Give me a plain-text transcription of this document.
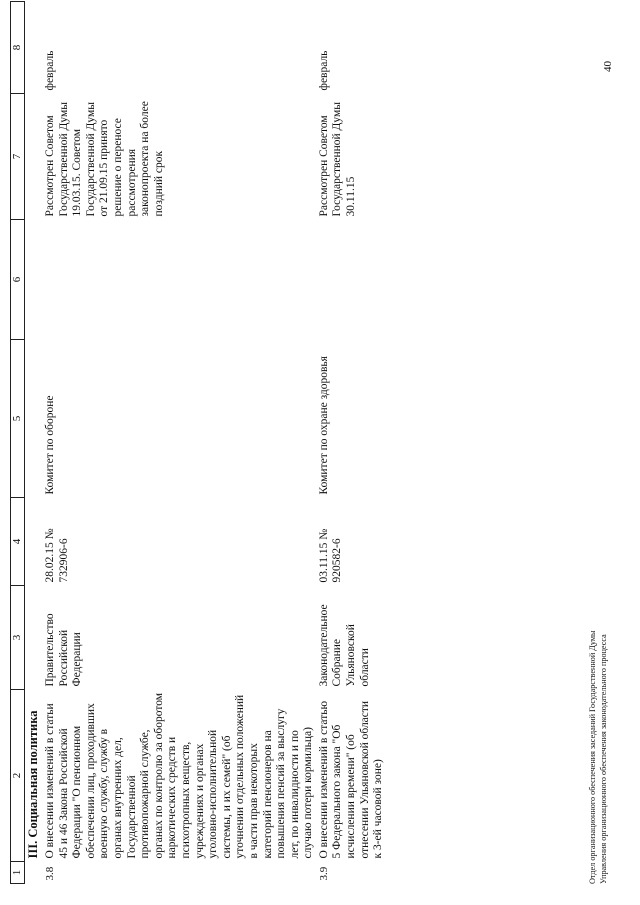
1	2	3	4	5	6	7	8
	III. Социальная политика						
3.8	О внесении изменений в статьи 45 и 46 Закона Российской Федерации "О пенсионном обеспечении лиц, проходивших военную службу, службу в органах внутренних дел, Государственной противопожарной службе, органах по контролю за оборотом наркотических средств и психотропных веществ, учреждениях и органах уголовно-исполнительной системы, и их семей" (об уточнении отдельных положений в части прав некоторых категорий пенсионеров на повышения пенсий за выслугу лет, по инвалидности и по случаю потери кормильца)	Правительство Российской Федерации	28.02.15 № 732906-6	Комитет по обороне		Рассмотрен Советом Государственной Думы 19.03.15. Советом Государственной Думы от 21.09.15 принято решение о переносе рассмотрения законопроекта на более поздний срок	февраль
3.9	О внесении изменений в статью 5 Федерального закона "Об исчислении времени" (об отнесении Ульяновской области к 3-ей часовой зоне)	Законодательное Собрание Ульяновской области	03.11.15 № 920582-6	Комитет по охране здоровья		Рассмотрен Советом Государственной Думы 30.11.15	февраль
Отдел организационного обеспечения заседаний Государственной Думы Управления организационного обеспечения законодательного процесса
40
